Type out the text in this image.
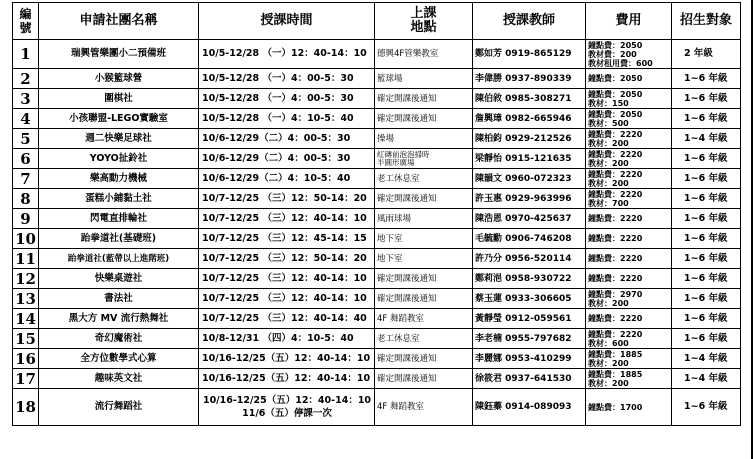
編號	申請社團名稱	授課時間	上課
地點	授課教師	費用	招生對象
1	瑞興管樂團小二預備班	10/5-12/28 （一）12：40-14：10	德興4F管樂教室	鄭如芳 0919-865129	鐘點費：2050
教材費：200
教材租用費：600	2 年級
2	小猴籃球營	10/5-12/28 （一）4：00-5：30	籃球場	李偉勝 0937-890339	鐘點費：2050	1~6 年級
3	圍棋社	10/5-12/28 （一）4：00-5：30	確定開課後通知	陳伯敘 0985-308271	鐘點費：2050
教材：150	1~6 年級
4	小孩聯盟-LEGO實驗室	10/5-12/28 （一）4：10-5：40	確定開課後通知	詹興璋 0982-665946	鐘點費：2050
教材：500	1~6 年級
5	週二快樂足球社	10/6-12/29（二）4：00-5：30	操場	陳柏鈞 0929-212526	鐘點費：2220
教材：200	1~4 年級
6	YOYO扯鈴社	10/6-12/29（二）4：00-5：30	紅磚前泡泡掃時
半圓形廣場	梁靜怡 0915-121635	鐘點費：2220
教材：200	1~6 年級
7	樂高動力機械	10/6-12/29（二）4：10-5：40	老工休息室	陳韻文 0960-072323	鐘點費：2220
教材：200	1~6 年級
8	蛋糕小鋪黏土社	10/7-12/25 （三）12：50-14：20	確定開課後通知	許玉惠 0929-963996	鐘點費：2220
教材：700	1~6 年級
9	閃電直排輪社	10/7-12/25 （三）12：40-14：10	風雨球場	陳浩恩 0970-425637	鐘點費：2220	1~6 年級
10	跆拳道社(基礎班)	10/7-12/25 （三）12：45-14：15	地下室	毛毓勳 0906-746208	鐘點費：2220	1~6 年級
11	跆拳道社(藍帶以上進階班)	10/7-12/25 （三）12：50-14：20	地下室	許乃分 0956-520114	鐘點費：2220	1~6 年級
12	快樂桌遊社	10/7-12/25 （三）12：40-14：10	確定開課後通知	鄭莉浥 0958-930722	鐘點費：2220	1~6 年級
13	書法社	10/7-12/25 （三）12：40-14：10	確定開課後通知	蔡玉蓮 0933-306605	鐘點費：2970
教材：200	1~6 年級
14	黑大方 MV 流行熱舞社	10/7-12/25 （三）12：40-14：40	4F 舞蹈教室	黃靜瑩 0912-059561	鐘點費：2220	1~6 年級
15	奇幻魔術社	10/8-12/31 （四）4：10-5：40	老工休息室	李老楠 0955-797682	鐘點費：2220
教材：600	1~6 年級
16	全方位數學式心算	10/16-12/25（五）12：40-14：10	確定開課後通知	李麗娜 0953-410299	鐘點費：1885
教材：200	1~4 年級
17	趣味英文社	10/16-12/25（五）12：40-14：10	確定開課後通知	徐筱君 0937-641530	鐘點費：1885
教材：200	1~4 年級
18	流行舞蹈社	10/16-12/25（五）12：40-14：10
11/6（五）停課一次	4F 舞蹈教室	陳鈺蓁 0914-089093	鐘點費：1700	1~6 年級
